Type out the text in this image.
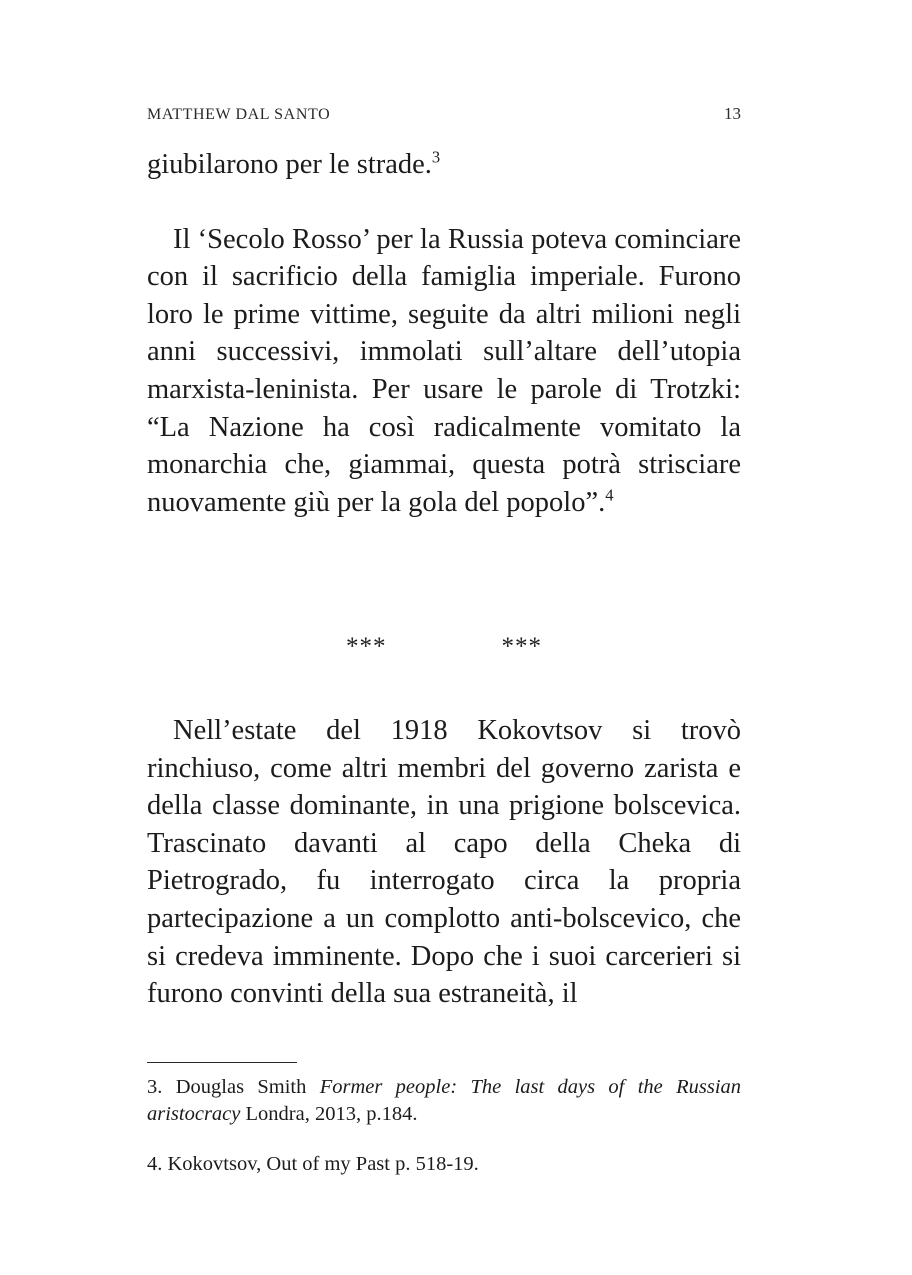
MATTHEW DAL SANTO	13

giubilarono per le strade.$^3$

Il ‘Secolo Rosso’ per la Russia poteva cominciare con il sacrificio della famiglia imperiale. Furono loro le prime vittime, seguite da altri milioni negli anni successivi, immolati sull’altare dell’utopia marxista-leninista. Per usare le parole di Trotzki: “La Nazione ha così radicalmente vomitato la monarchia che, giammai, questa potrà strisciare nuovamente giù per la gola del popolo”.$^4$

***	***

Nell’estate del 1918 Kokovtsov si trovò rinchiuso, come altri membri del governo zarista e della classe dominante, in una prigione bolscevica. Trascinato davanti al capo della Cheka di Pietrogrado, fu interrogato circa la propria partecipazione a un complotto anti-bolscevico, che si credeva imminente. Dopo che i suoi carcerieri si furono convinti della sua estraneità, il

3. Douglas Smith Former people: The last days of the Russian aristocracy Londra, 2013, p.184.

4. Kokovtsov, Out of my Past p. 518-19.
